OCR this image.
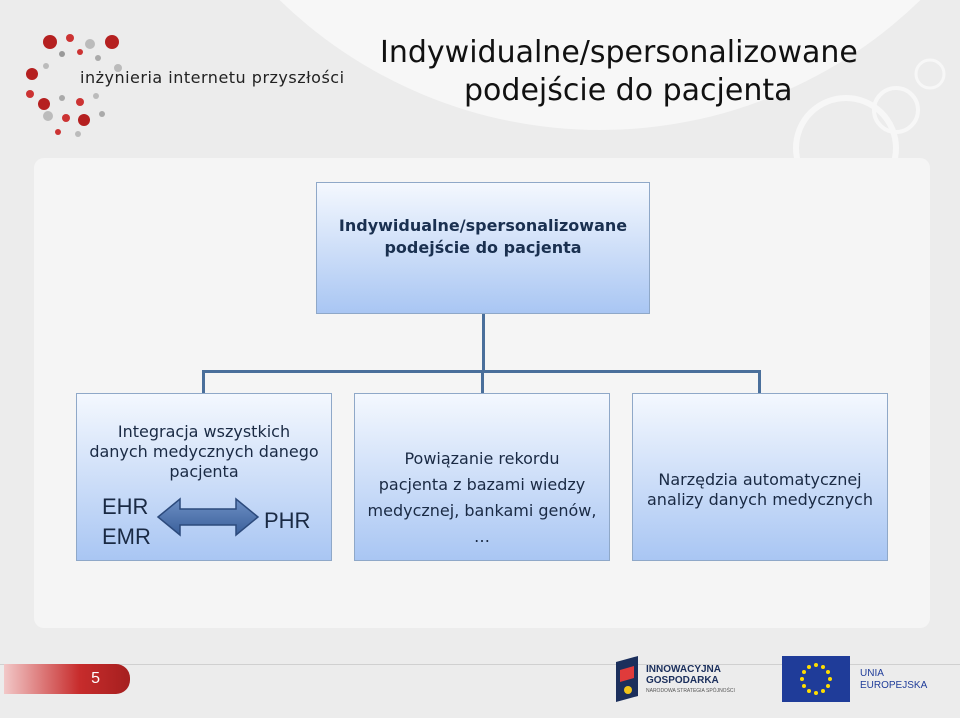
inżynieria internetu przyszłości
Indywidualne/spersonalizowane
podejście do pacjenta
Indywidualne/spersonalizowane
podejście do pacjenta
Integracja wszystkich
danych medycznych danego
pacjenta
EHR
EMR
PHR
Powiązanie rekordu
pacjenta z bazami wiedzy
medycznej, bankami genów,
…
Narzędzia automatycznej
analizy danych medycznych
5
INNOWACYJNA
GOSPODARKA
NARODOWA STRATEGIA SPÓJNOŚCI
UNIA
EUROPEJSKA
